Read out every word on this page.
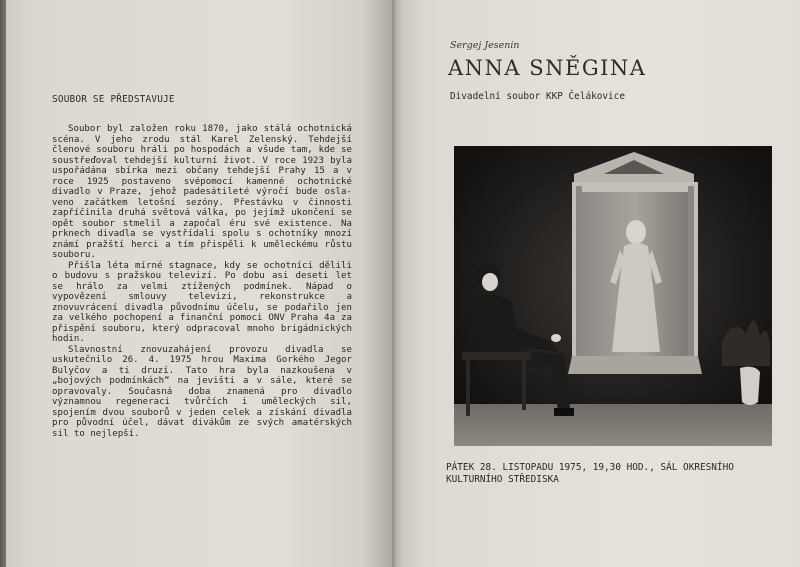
SOUBOR SE PŘEDSTAVUJE

Soubor byl založen roku 1870, jako stálá ochotnická scéna. V jeho zrodu stál Karel Zelenský. Tehdejší členové souboru hráli po hospodách a všude tam, kde se soustřeďoval tehdejší kulturní život. V roce 1923 byla uspořádána sbírka mezi občany tehdejší Prahy 15 a v roce 1925 postaveno svépomocí kamenné ochotnické divadlo v Praze, jehož padesátileté výročí bude oslaveno začátkem letošní sezóny. Přestávku v činnosti zapříčinila druhá světová válka, po jejímž ukončení se opět soubor stmelil a započal éru své existence. Na prknech divadla se vystřídali spolu s ochotníky mnozí známí pražští herci a tím přispěli k uměleckému růstu souboru.

Přišla léta mírné stagnace, kdy se ochotníci dělili o budovu s pražskou televizí. Po dobu asi deseti let se hrálo za velmi ztížených podmínek. Nápad o vypovězení smlouvy televizi, rekonstrukce a znovuvrácení divadla původnímu účelu, se podařilo jen za velkého pochopení a finanční pomoci ONV Praha 4a za přispění souboru, který odpracoval mnoho brigádnických hodin.

Slavnostní znovuzahájení provozu divadla se uskutečnilo 26. 4. 1975 hrou Maxima Gorkého Jegor Bulyčov a ti druzí. Tato hra byla nazkoušena v „bojových podmínkách“ na jevišti a v sále, které se opravovaly. Současná doba znamená pro divadlo významnou regeneraci tvůrčích i uměleckých sil, spojením dvou souborů v jeden celek a získání divadla pro původní účel, dávat divákům ze svých amatérských sil to nejlepší.

Sergej Jesenin
ANNA SNĚGINA
Divadelní soubor KKP Čelákovice
PÁTEK 28. LISTOPADU 1975, 19,30 HOD., SÁL OKRESNÍHO KULTURNÍHO STŘEDISKA
